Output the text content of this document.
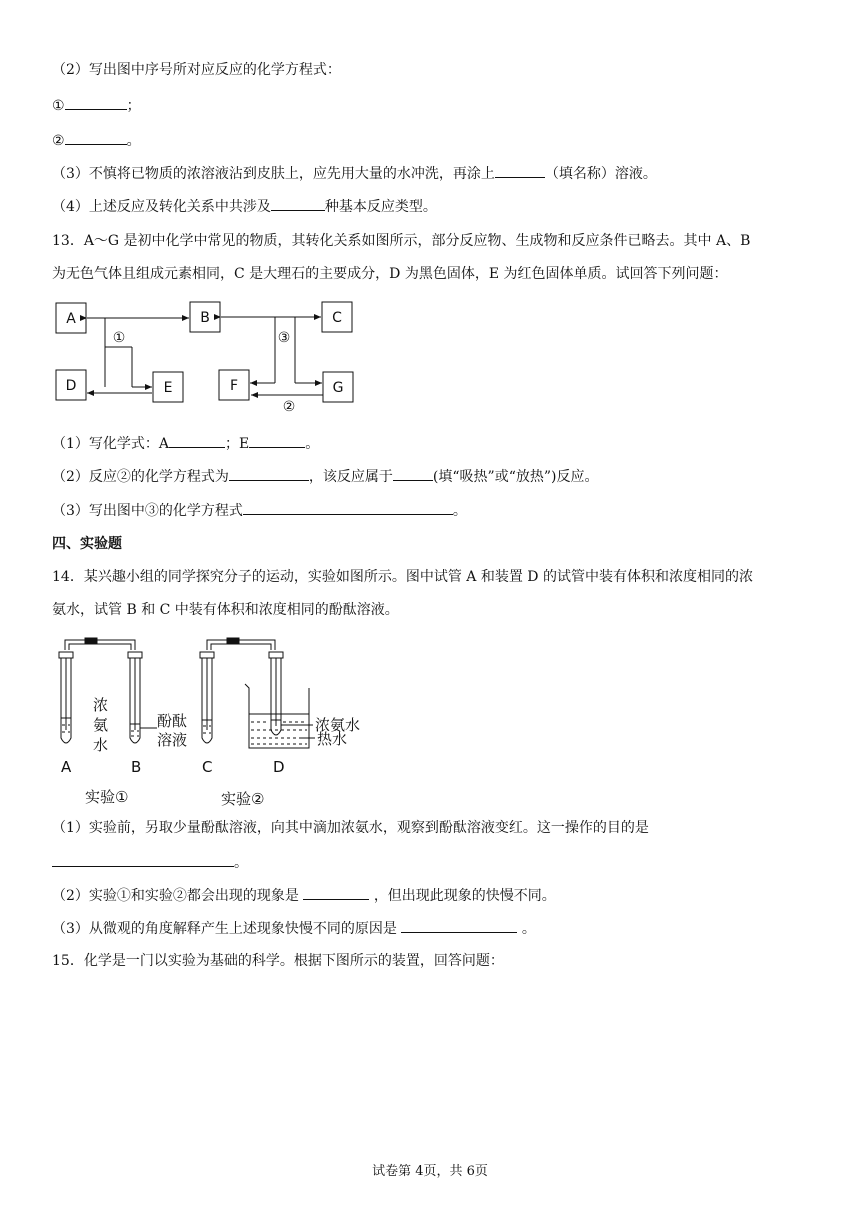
（2）写出图中序号所对应反应的化学方程式：
①	；
②	。
（3）不慎将已物质的浓溶液沾到皮肤上，应先用大量的水冲洗，再涂上	（填名称）溶液。
（4）上述反应及转化关系中共涉及	种基本反应类型。
13．A～G 是初中化学中常见的物质，其转化关系如图所示，部分反应物、生成物和反应条件已略去。其中 A、B
为无色气体且组成元素相同，C 是大理石的主要成分，D 为黑色固体，E 为红色固体单质。试回答下列问题：
A	B	C
D	E	F	G
①	③
②
（1）写化学式：A	；E	。
（2）反应②的化学方程式为	，该反应属于	(填“吸热”或“放热”)反应。
（3）写出图中③的化学方程式	。
四、实验题
14．某兴趣小组的同学探究分子的运动，实验如图所示。图中试管 A 和装置 D 的试管中装有体积和浓度相同的浓
氨水，试管 B 和 C 中装有体积和浓度相同的酚酞溶液。
浓
氨
水
酚酞
溶液
浓氨水
热水
A	B	C	D
实验①	实验②
（1）实验前，另取少量酚酞溶液，向其中滴加浓氨水，观察到酚酞溶液变红。这一操作的目的是
。
（2）实验①和实验②都会出现的现象是	，但出现此现象的快慢不同。
（3）从微观的角度解释产生上述现象快慢不同的原因是	。
15．化学是一门以实验为基础的科学。根据下图所示的装置，回答问题：
试卷第 4页，共 6页
